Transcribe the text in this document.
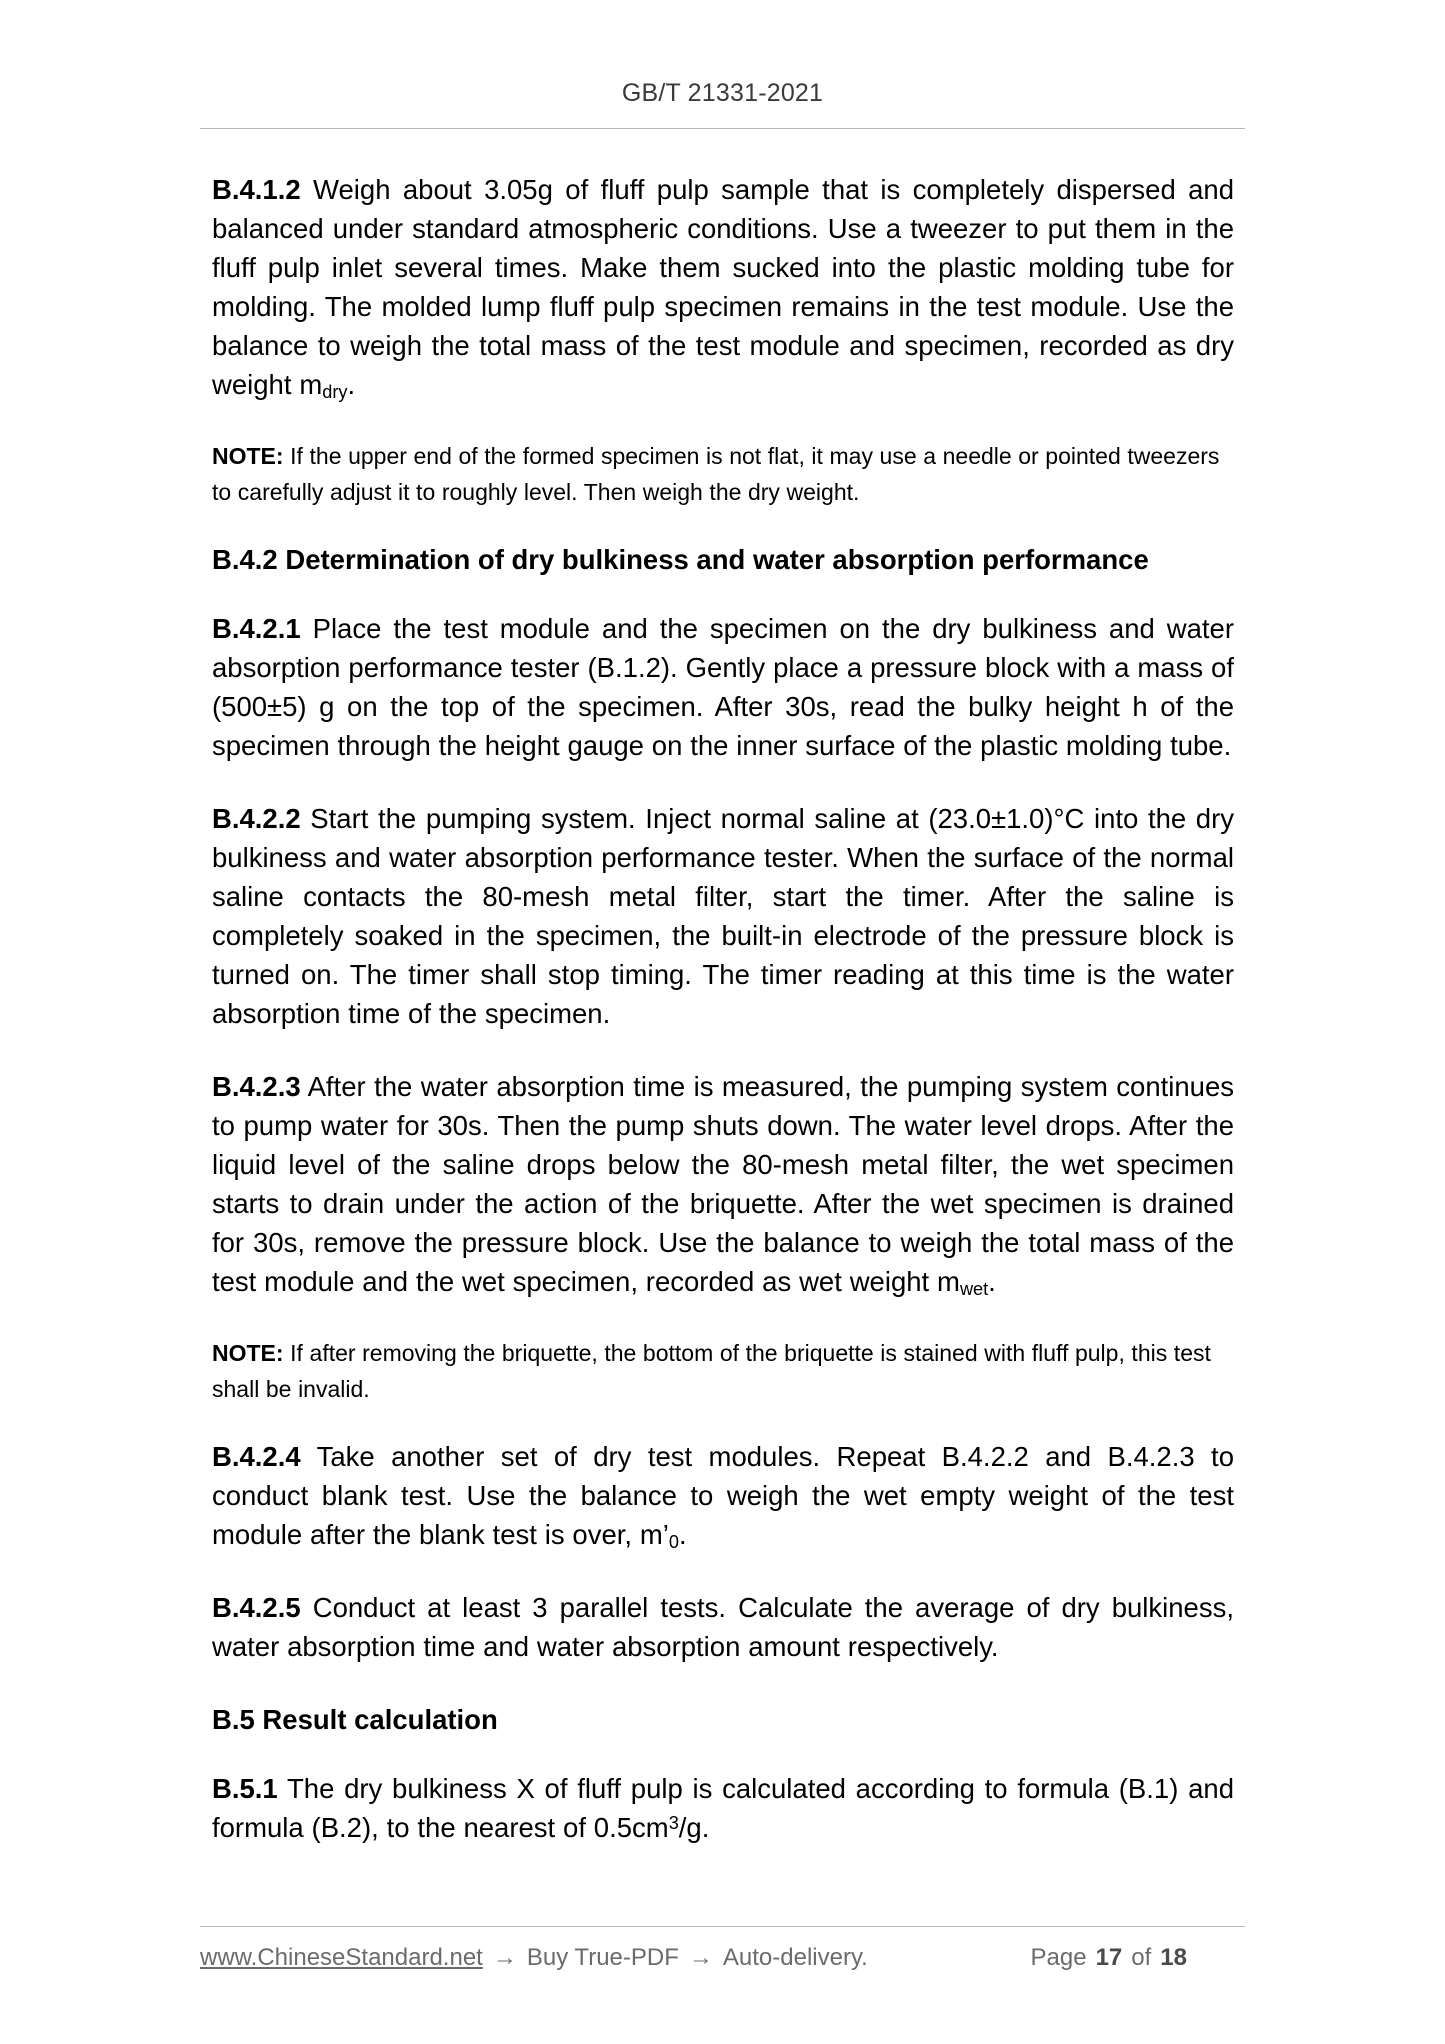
GB/T 21331-2021

B.4.1.2 Weigh about 3.05g of fluff pulp sample that is completely dispersed and balanced under standard atmospheric conditions. Use a tweezer to put them in the fluff pulp inlet several times. Make them sucked into the plastic molding tube for molding. The molded lump fluff pulp specimen remains in the test module. Use the balance to weigh the total mass of the test module and specimen, recorded as dry weight $m_{dry}$.

NOTE: If the upper end of the formed specimen is not flat, it may use a needle or pointed tweezers to carefully adjust it to roughly level. Then weigh the dry weight.

B.4.2 Determination of dry bulkiness and water absorption performance

B.4.2.1 Place the test module and the specimen on the dry bulkiness and water absorption performance tester (B.1.2). Gently place a pressure block with a mass of (500±5) g on the top of the specimen. After 30s, read the bulky height h of the specimen through the height gauge on the inner surface of the plastic molding tube.

B.4.2.2 Start the pumping system. Inject normal saline at (23.0±1.0)°C into the dry bulkiness and water absorption performance tester. When the surface of the normal saline contacts the 80-mesh metal filter, start the timer. After the saline is completely soaked in the specimen, the built-in electrode of the pressure block is turned on. The timer shall stop timing. The timer reading at this time is the water absorption time of the specimen.

B.4.2.3 After the water absorption time is measured, the pumping system continues to pump water for 30s. Then the pump shuts down. The water level drops. After the liquid level of the saline drops below the 80-mesh metal filter, the wet specimen starts to drain under the action of the briquette. After the wet specimen is drained for 30s, remove the pressure block. Use the balance to weigh the total mass of the test module and the wet specimen, recorded as wet weight $m_{wet}$.

NOTE: If after removing the briquette, the bottom of the briquette is stained with fluff pulp, this test shall be invalid.

B.4.2.4 Take another set of dry test modules. Repeat B.4.2.2 and B.4.2.3 to conduct blank test. Use the balance to weigh the wet empty weight of the test module after the blank test is over, $m’_0$.

B.4.2.5 Conduct at least 3 parallel tests. Calculate the average of dry bulkiness, water absorption time and water absorption amount respectively.

B.5 Result calculation

B.5.1 The dry bulkiness X of fluff pulp is calculated according to formula (B.1) and formula (B.2), to the nearest of $0.5cm^3/g$.

www.ChineseStandard.net → Buy True-PDF → Auto-delivery.	Page 17 of 18
